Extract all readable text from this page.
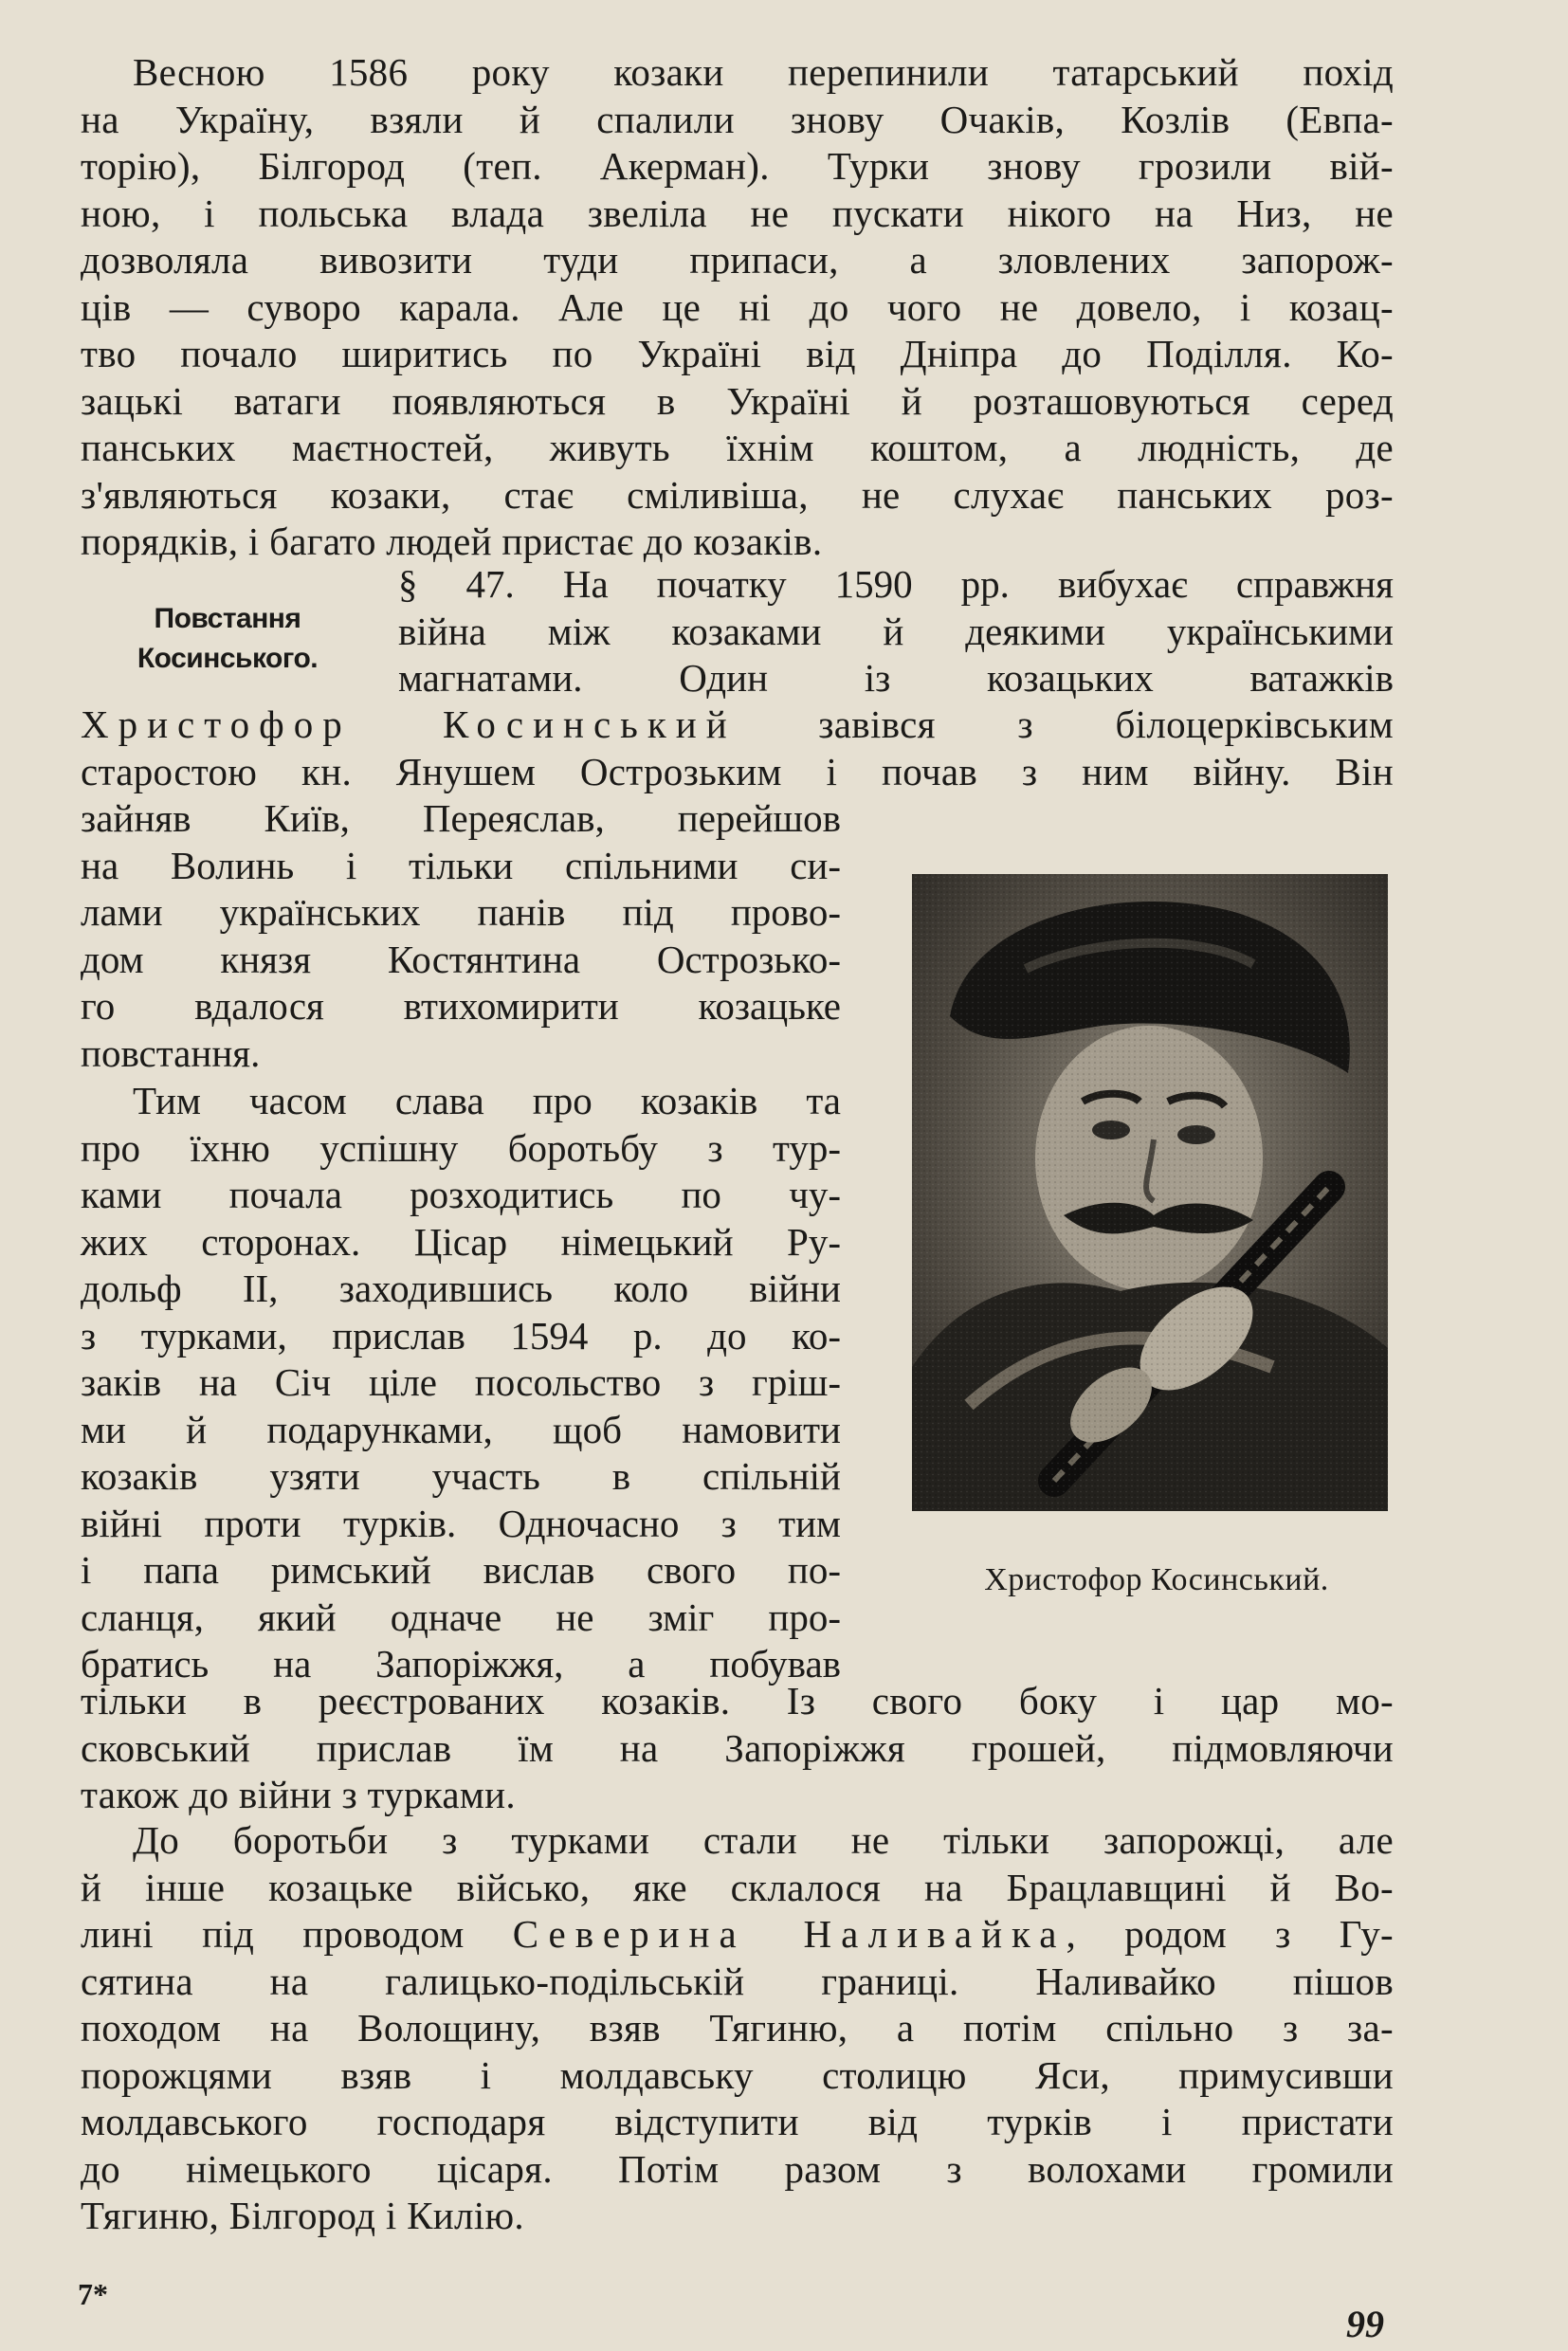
Весною 1586 року козаки перепинили татарський похід
на Україну, взяли й спалили знову Очаків, Козлів (Евпа-
торію), Білгород (теп. Акерман). Турки знову грозили вій-
ною, і польська влада звеліла не пускати нікого на Низ, не
дозволяла вивозити туди припаси, а зловлених запорож-
ців — суворо карала. Але це ні до чого не довело, і козац-
тво почало ширитись по Україні від Дніпра до Поділля. Ко-
зацькі ватаги появляються в Україні й розташовуються серед
панських маєтностей, живуть їхнім коштом, а людність, де
з'являються козаки, стає сміливіша, не слухає панських роз-
порядків, і багато людей пристає до козаків.
Повстання
Косинського.
§ 47. На початку 1590 рр. вибухає справжня
війна між козаками й деякими українськими
магнатами. Один із козацьких ватажків
Христофор Косинський завівся з білоцерківським
старостою кн. Янушем Острозьким і почав з ним війну. Він
зайняв Київ, Переяслав, перейшов
на Волинь і тільки спільними си-
лами українських панів під прово-
дом князя Костянтина Острозько-
го вдалося втихомирити козацьке
повстання.
Тим часом слава про козаків та
про їхню успішну боротьбу з тур-
ками почала розходитись по чу-
жих сторонах. Цісар німецький Ру-
дольф II, заходившись коло війни
з турками, прислав 1594 р. до ко-
заків на Січ ціле посольство з гріш-
ми й подарунками, щоб намовити
козаків узяти участь в спільній
війні проти турків. Одночасно з тим
і папа римський вислав свого по-
сланця, який одначе не зміг про-
братись на Запоріжжя, а побував
тільки в реєстрованих козаків. Із свого боку і цар мо-
сковський прислав їм на Запоріжжя грошей, підмовляючи
також до війни з турками.
До боротьби з турками стали не тільки запорожці, але
й інше козацьке військо, яке склалося на Брацлавщині й Во-
лині під проводом Северина Наливайка, родом з Гу-
сятина на галицько-подільській границі. Наливайко пішов
походом на Волощину, взяв Тягиню, а потім спільно з за-
порожцями взяв і молдавську столицю Яси, примусивши
молдавського господаря відступити від турків і пристати
до німецького цісаря. Потім разом з волохами громили
Тягиню, Білгород і Килію.
Христофор Косинський.
7*
99
